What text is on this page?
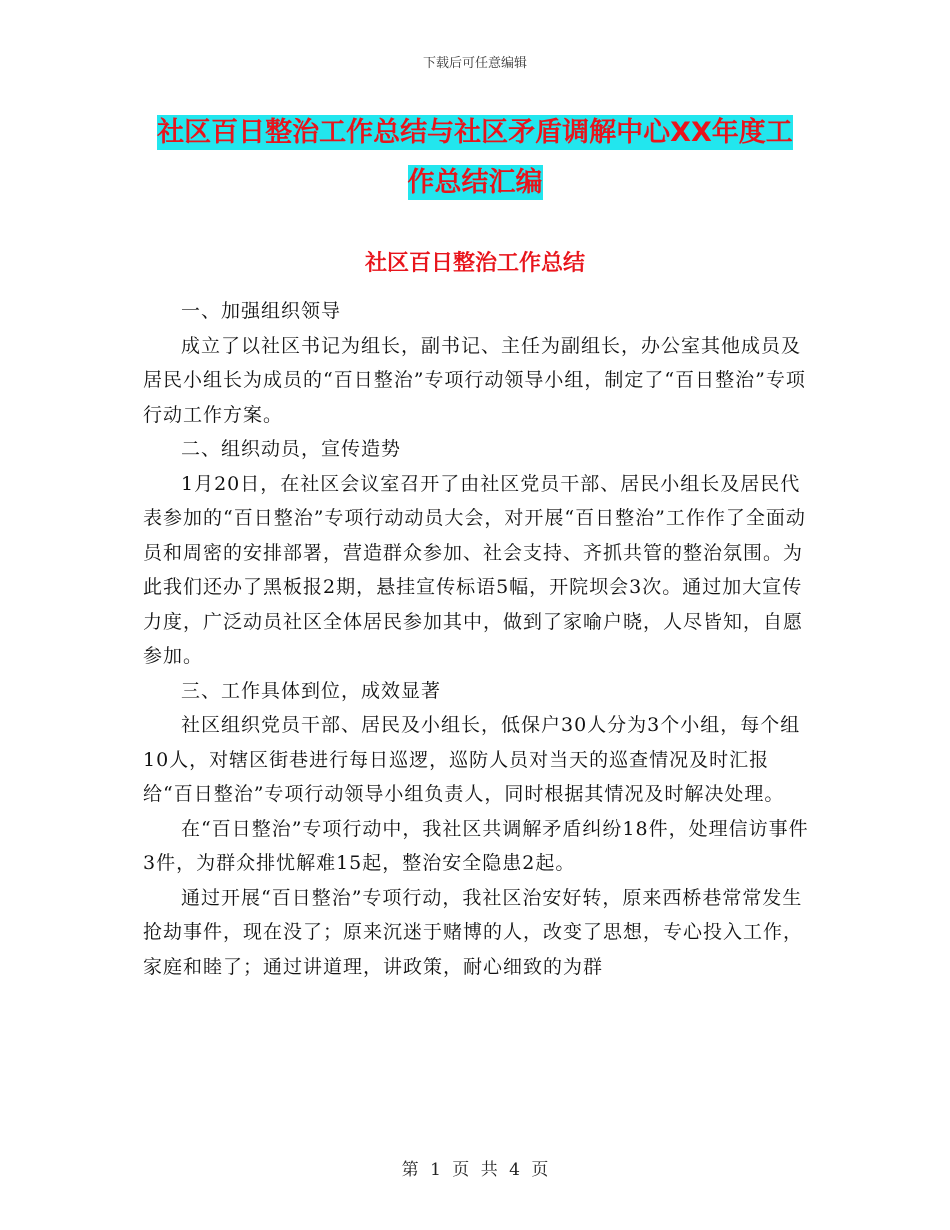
下载后可任意编辑
社区百日整治工作总结与社区矛盾调解中心XX年度工
作总结汇编
社区百日整治工作总结

一、加强组织领导

成立了以社区书记为组长，副书记、主任为副组长，办公室其他成员及居民小组长为成员的“百日整治”专项行动领导小组，制定了“百日整治”专项行动工作方案。

二、组织动员，宣传造势

1月20日，在社区会议室召开了由社区党员干部、居民小组长及居民代表参加的“百日整治”专项行动动员大会，对开展“百日整治”工作作了全面动员和周密的安排部署，营造群众参加、社会支持、齐抓共管的整治氛围。为此我们还办了黑板报2期，悬挂宣传标语5幅，开院坝会3次。通过加大宣传力度，广泛动员社区全体居民参加其中，做到了家喻户晓，人尽皆知，自愿参加。

三、工作具体到位，成效显著

社区组织党员干部、居民及小组长，低保户30人分为3个小组，每个组10人，对辖区街巷进行每日巡逻，巡防人员对当天的巡查情况及时汇报给“百日整治”专项行动领导小组负责人，同时根据其情况及时解决处理。

在“百日整治”专项行动中，我社区共调解矛盾纠纷18件，处理信访事件3件，为群众排忧解难15起，整治安全隐患2起。

通过开展“百日整治”专项行动，我社区治安好转，原来西桥巷常常发生抢劫事件，现在没了；原来沉迷于赌博的人，改变了思想，专心投入工作，家庭和睦了；通过讲道理，讲政策，耐心细致的为群

第 1 页 共 4 页
